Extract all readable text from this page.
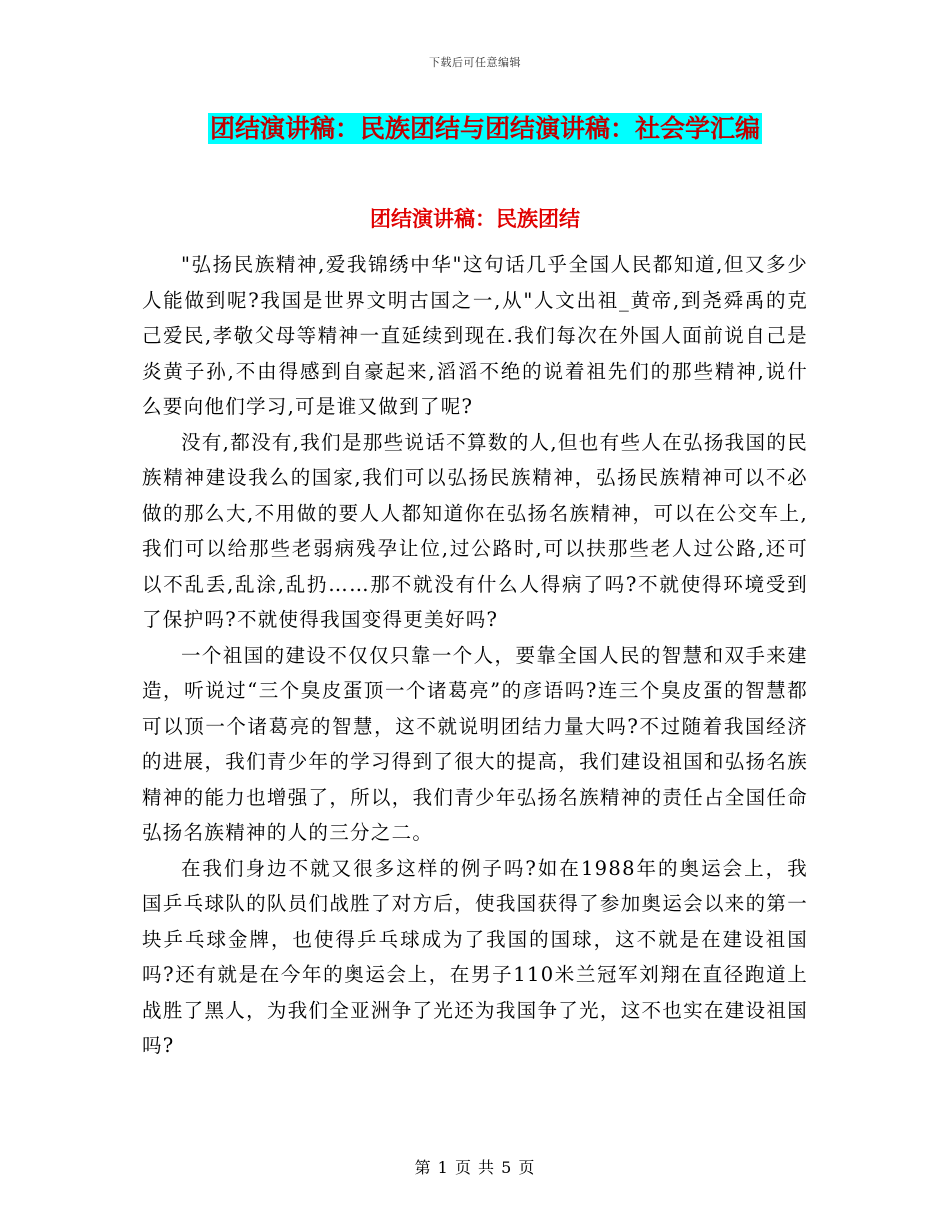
下载后可任意编辑
团结演讲稿：民族团结与团结演讲稿：社会学汇编
团结演讲稿：民族团结

"弘扬民族精神,爱我锦绣中华"这句话几乎全国人民都知道,但又多少人能做到呢?我国是世界文明古国之一,从"人文出祖_黄帝,到尧舜禹的克己爱民,孝敬父母等精神一直延续到现在.我们每次在外国人面前说自己是炎黄子孙,不由得感到自豪起来,滔滔不绝的说着祖先们的那些精神,说什么要向他们学习,可是谁又做到了呢?

没有,都没有,我们是那些说话不算数的人,但也有些人在弘扬我国的民族精神建设我么的国家,我们可以弘扬民族精神，弘扬民族精神可以不必做的那么大,不用做的要人人都知道你在弘扬名族精神，可以在公交车上,我们可以给那些老弱病残孕让位,过公路时,可以扶那些老人过公路,还可以不乱丢,乱涂,乱扔……那不就没有什么人得病了吗?不就使得环境受到了保护吗?不就使得我国变得更美好吗?

一个祖国的建设不仅仅只靠一个人，要靠全国人民的智慧和双手来建造，听说过“三个臭皮蛋顶一个诸葛亮”的彦语吗?连三个臭皮蛋的智慧都可以顶一个诸葛亮的智慧，这不就说明团结力量大吗?不过随着我国经济的进展，我们青少年的学习得到了很大的提高，我们建设祖国和弘扬名族精神的能力也增强了，所以，我们青少年弘扬名族精神的责任占全国任命弘扬名族精神的人的三分之二。

在我们身边不就又很多这样的例子吗?如在1988年的奥运会上，我国乒乓球队的队员们战胜了对方后，使我国获得了参加奥运会以来的第一块乒乓球金牌，也使得乒乓球成为了我国的国球，这不就是在建设祖国吗?还有就是在今年的奥运会上，在男子110米兰冠军刘翔在直径跑道上战胜了黑人，为我们全亚洲争了光还为我国争了光，这不也实在建设祖国吗?

第 1 页 共 5 页
